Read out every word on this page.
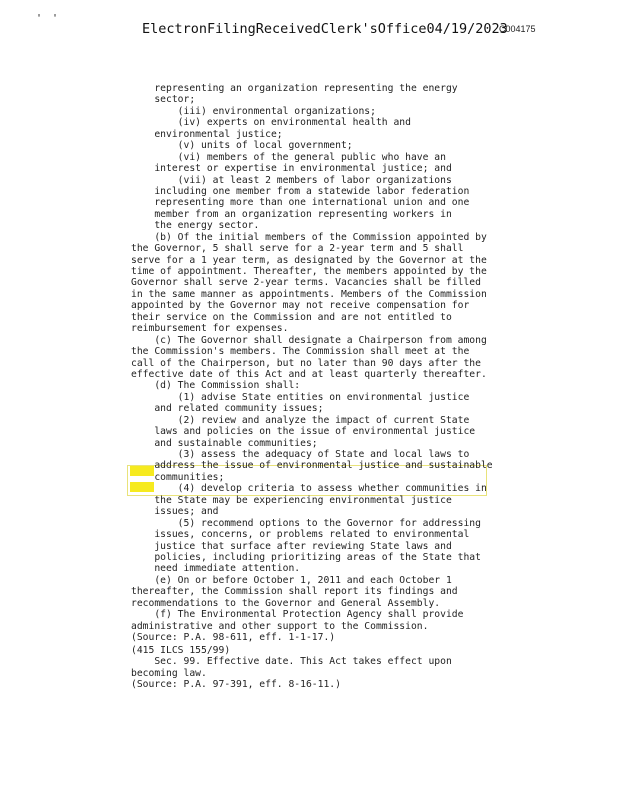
' '
ElectronFilingReceivedClerk'sOffice04/19/2023
C004175
representing an organization representing the energy
sector;
(iii) environmental organizations;
(iv) experts on environmental health and
environmental justice;
(v) units of local government;
(vi) members of the general public who have an
interest or expertise in environmental justice; and
(vii) at least 2 members of labor organizations
including one member from a statewide labor federation
representing more than one international union and one
member from an organization representing workers in
the energy sector.
(b) Of the initial members of the Commission appointed by
the Governor, 5 shall serve for a 2-year term and 5 shall
serve for a 1 year term, as designated by the Governor at the
time of appointment. Thereafter, the members appointed by the
Governor shall serve 2-year terms. Vacancies shall be filled
in the same manner as appointments. Members of the Commission
appointed by the Governor may not receive compensation for
their service on the Commission and are not entitled to
reimbursement for expenses.
(c) The Governor shall designate a Chairperson from among
the Commission's members. The Commission shall meet at the
call of the Chairperson, but no later than 90 days after the
effective date of this Act and at least quarterly thereafter.
(d) The Commission shall:
(1) advise State entities on environmental justice
and related community issues;
(2) review and analyze the impact of current State
laws and policies on the issue of environmental justice
and sustainable communities;
(3) assess the adequacy of State and local laws to
address the issue of environmental justice and sustainable
communities;
(4) develop criteria to assess whether communities in
the State may be experiencing environmental justice
issues; and
(5) recommend options to the Governor for addressing
issues, concerns, or problems related to environmental
justice that surface after reviewing State laws and
policies, including prioritizing areas of the State that
need immediate attention.
(e) On or before October 1, 2011 and each October 1
thereafter, the Commission shall report its findings and
recommendations to the Governor and General Assembly.
(f) The Environmental Protection Agency shall provide
administrative and other support to the Commission.
(Source: P.A. 98-611, eff. 1-1-17.)
(415 ILCS 155/99)
Sec. 99. Effective date. This Act takes effect upon
becoming law.
(Source: P.A. 97-391, eff. 8-16-11.)
